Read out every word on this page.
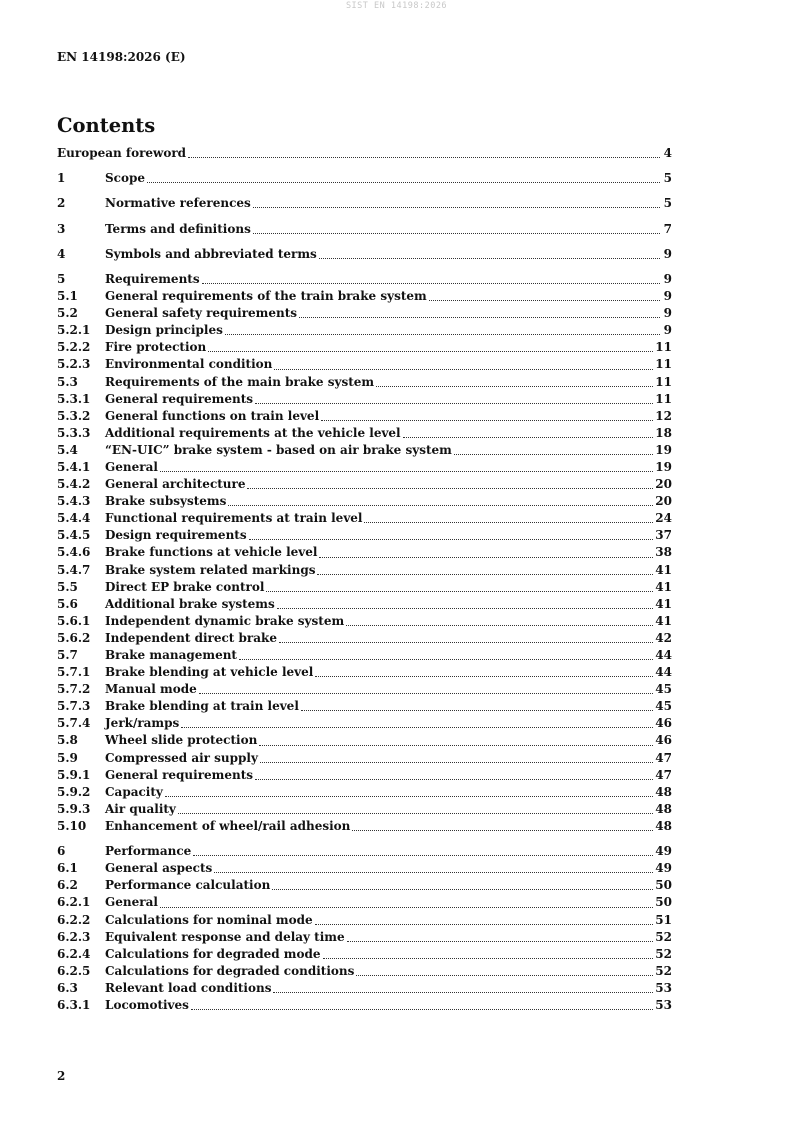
SIST EN 14198:2026
EN 14198:2026 (E)
Contents
European foreword	4
1	Scope	5
2	Normative references	5
3	Terms and definitions	7
4	Symbols and abbreviated terms	9
5	Requirements	9
5.1	General requirements of the train brake system	9
5.2	General safety requirements	9
5.2.1	Design principles	9
5.2.2	Fire protection	11
5.2.3	Environmental condition	11
5.3	Requirements of the main brake system	11
5.3.1	General requirements	11
5.3.2	General functions on train level	12
5.3.3	Additional requirements at the vehicle level	18
5.4	“EN-UIC” brake system - based on air brake system	19
5.4.1	General	19
5.4.2	General architecture	20
5.4.3	Brake subsystems	20
5.4.4	Functional requirements at train level	24
5.4.5	Design requirements	37
5.4.6	Brake functions at vehicle level	38
5.4.7	Brake system related markings	41
5.5	Direct EP brake control	41
5.6	Additional brake systems	41
5.6.1	Independent dynamic brake system	41
5.6.2	Independent direct brake	42
5.7	Brake management	44
5.7.1	Brake blending at vehicle level	44
5.7.2	Manual mode	45
5.7.3	Brake blending at train level	45
5.7.4	Jerk/ramps	46
5.8	Wheel slide protection	46
5.9	Compressed air supply	47
5.9.1	General requirements	47
5.9.2	Capacity	48
5.9.3	Air quality	48
5.10	Enhancement of wheel/rail adhesion	48
6	Performance	49
6.1	General aspects	49
6.2	Performance calculation	50
6.2.1	General	50
6.2.2	Calculations for nominal mode	51
6.2.3	Equivalent response and delay time	52
6.2.4	Calculations for degraded mode	52
6.2.5	Calculations for degraded conditions	52
6.3	Relevant load conditions	53
6.3.1	Locomotives	53
2
